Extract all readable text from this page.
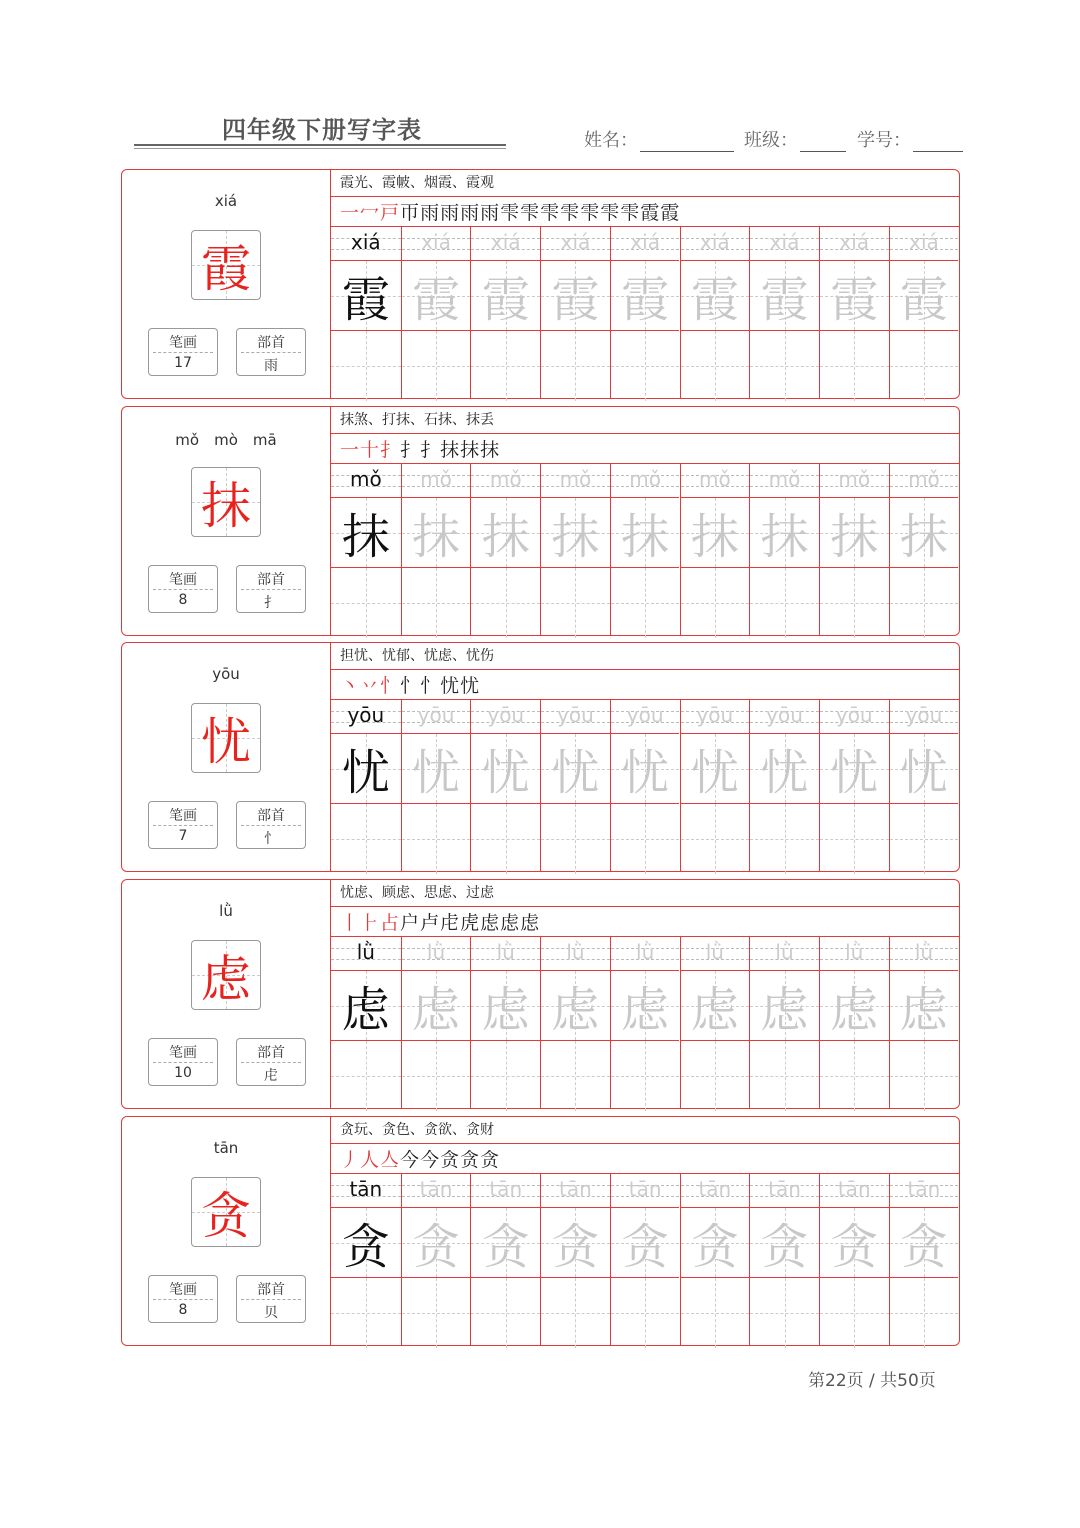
四年级下册写字表	姓名：	班级：	学号：
xiá
霞
笔画
17
部首
雨
霞光、霞帔、烟霞、霞观
一冖戸帀雨雨雨雨雫雫雫雫雫雫雫霞霞
xiá
霞
xiá
霞
xiá
霞
xiá
霞
xiá
霞
xiá
霞
xiá
霞
xiá
霞
xiá
霞
mǒ　mò　mā
抹
笔画
8
部首
扌
抹煞、打抹、石抹、抹丢
一十扌扌扌抹抹抹
mǒ
抹
mǒ
抹
mǒ
抹
mǒ
抹
mǒ
抹
mǒ
抹
mǒ
抹
mǒ
抹
mǒ
抹
yōu
忧
笔画
7
部首
忄
担忧、忧郁、忧虑、忧伤
丶丷忄忄忄忧忧
yōu
忧
yōu
忧
yōu
忧
yōu
忧
yōu
忧
yōu
忧
yōu
忧
yōu
忧
yōu
忧
lǜ
虑
笔画
10
部首
虍
忧虑、顾虑、思虑、过虑
丨⺊占户卢虍虎虑虑虑
lǜ
虑
lǜ
虑
lǜ
虑
lǜ
虑
lǜ
虑
lǜ
虑
lǜ
虑
lǜ
虑
lǜ
虑
tān
贪
笔画
8
部首
贝
贪玩、贪色、贪欲、贪财
丿人亼今今贪贪贪
tān
贪
tān
贪
tān
贪
tān
贪
tān
贪
tān
贪
tān
贪
tān
贪
tān
贪
第22页 / 共50页
